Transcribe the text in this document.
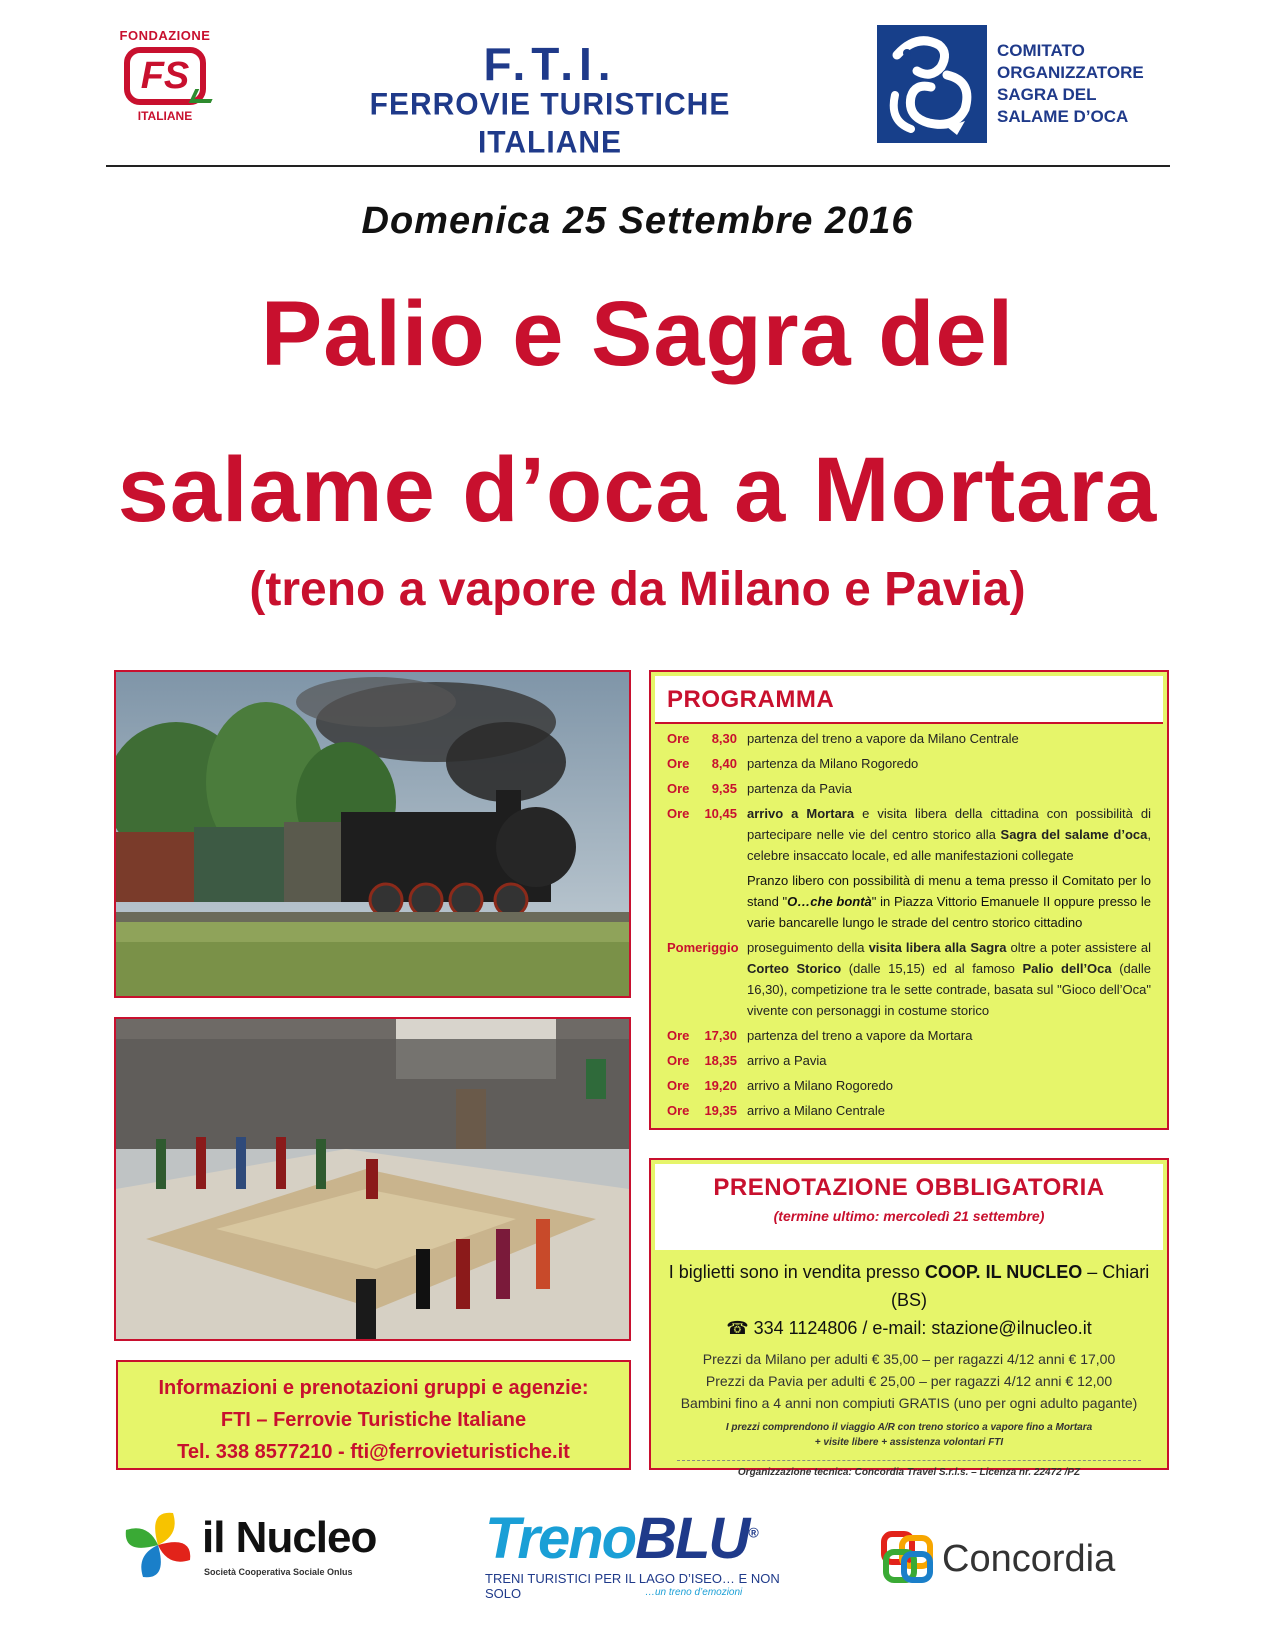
FONDAZIONE
FS
ITALIANE
F.T.I.
FERROVIE TURISTICHE ITALIANE
COMITATO
ORGANIZZATORE
SAGRA DEL
SALAME D’OCA
Domenica 25 Settembre 2016
Palio e Sagra del
salame d’oca a Mortara
(treno a vapore da Milano e Pavia)
Informazioni e prenotazioni gruppi e agenzie:
FTI – Ferrovie Turistiche Italiane
Tel. 338 8577210 - fti@ferrovieturistiche.it
PROGRAMMA
Ore 8,30 partenza del treno a vapore da Milano Centrale
Ore 8,40 partenza da Milano Rogoredo
Ore 9,35 partenza da Pavia
Ore 10,45 arrivo a Mortara e visita libera della cittadina con possibilità di partecipare nelle vie del centro storico alla Sagra del salame d’oca, celebre insaccato locale, ed alle manifestazioni collegate
Pranzo libero con possibilità di menu a tema presso il Comitato per lo stand "O…che bontà" in Piazza Vittorio Emanuele II oppure presso le varie bancarelle lungo le strade del centro storico cittadino
Pomeriggio proseguimento della visita libera alla Sagra oltre a poter assistere al Corteo Storico (dalle 15,15) ed al famoso Palio dell’Oca (dalle 16,30), competizione tra le sette contrade, basata sul "Gioco dell’Oca" vivente con personaggi in costume storico
Ore 17,30 partenza del treno a vapore da Mortara
Ore 18,35 arrivo a Pavia
Ore 19,20 arrivo a Milano Rogoredo
Ore 19,35 arrivo a Milano Centrale
PRENOTAZIONE OBBLIGATORIA
(termine ultimo: mercoledì 21 settembre)
I biglietti sono in vendita presso COOP. IL NUCLEO – Chiari (BS)
☎ 334 1124806 / e-mail: stazione@ilnucleo.it
Prezzi da Milano per adulti € 35,00 – per ragazzi 4/12 anni € 17,00
Prezzi da Pavia per adulti € 25,00 – per ragazzi 4/12 anni € 12,00
Bambini fino a 4 anni non compiuti GRATIS (uno per ogni adulto pagante)
I prezzi comprendono il viaggio A/R con treno storico a vapore fino a Mortara
+ visite libere + assistenza volontari FTI
Organizzazione tecnica: Concordia Travel S.r.l.s. – Licenza nr. 22472 /PZ
il Nucleo
Società Cooperativa Sociale Onlus
TrenoBLU®
TRENI TURISTICI PER IL LAGO D’ISEO… E NON SOLO	…un treno d’emozioni
Concordia
